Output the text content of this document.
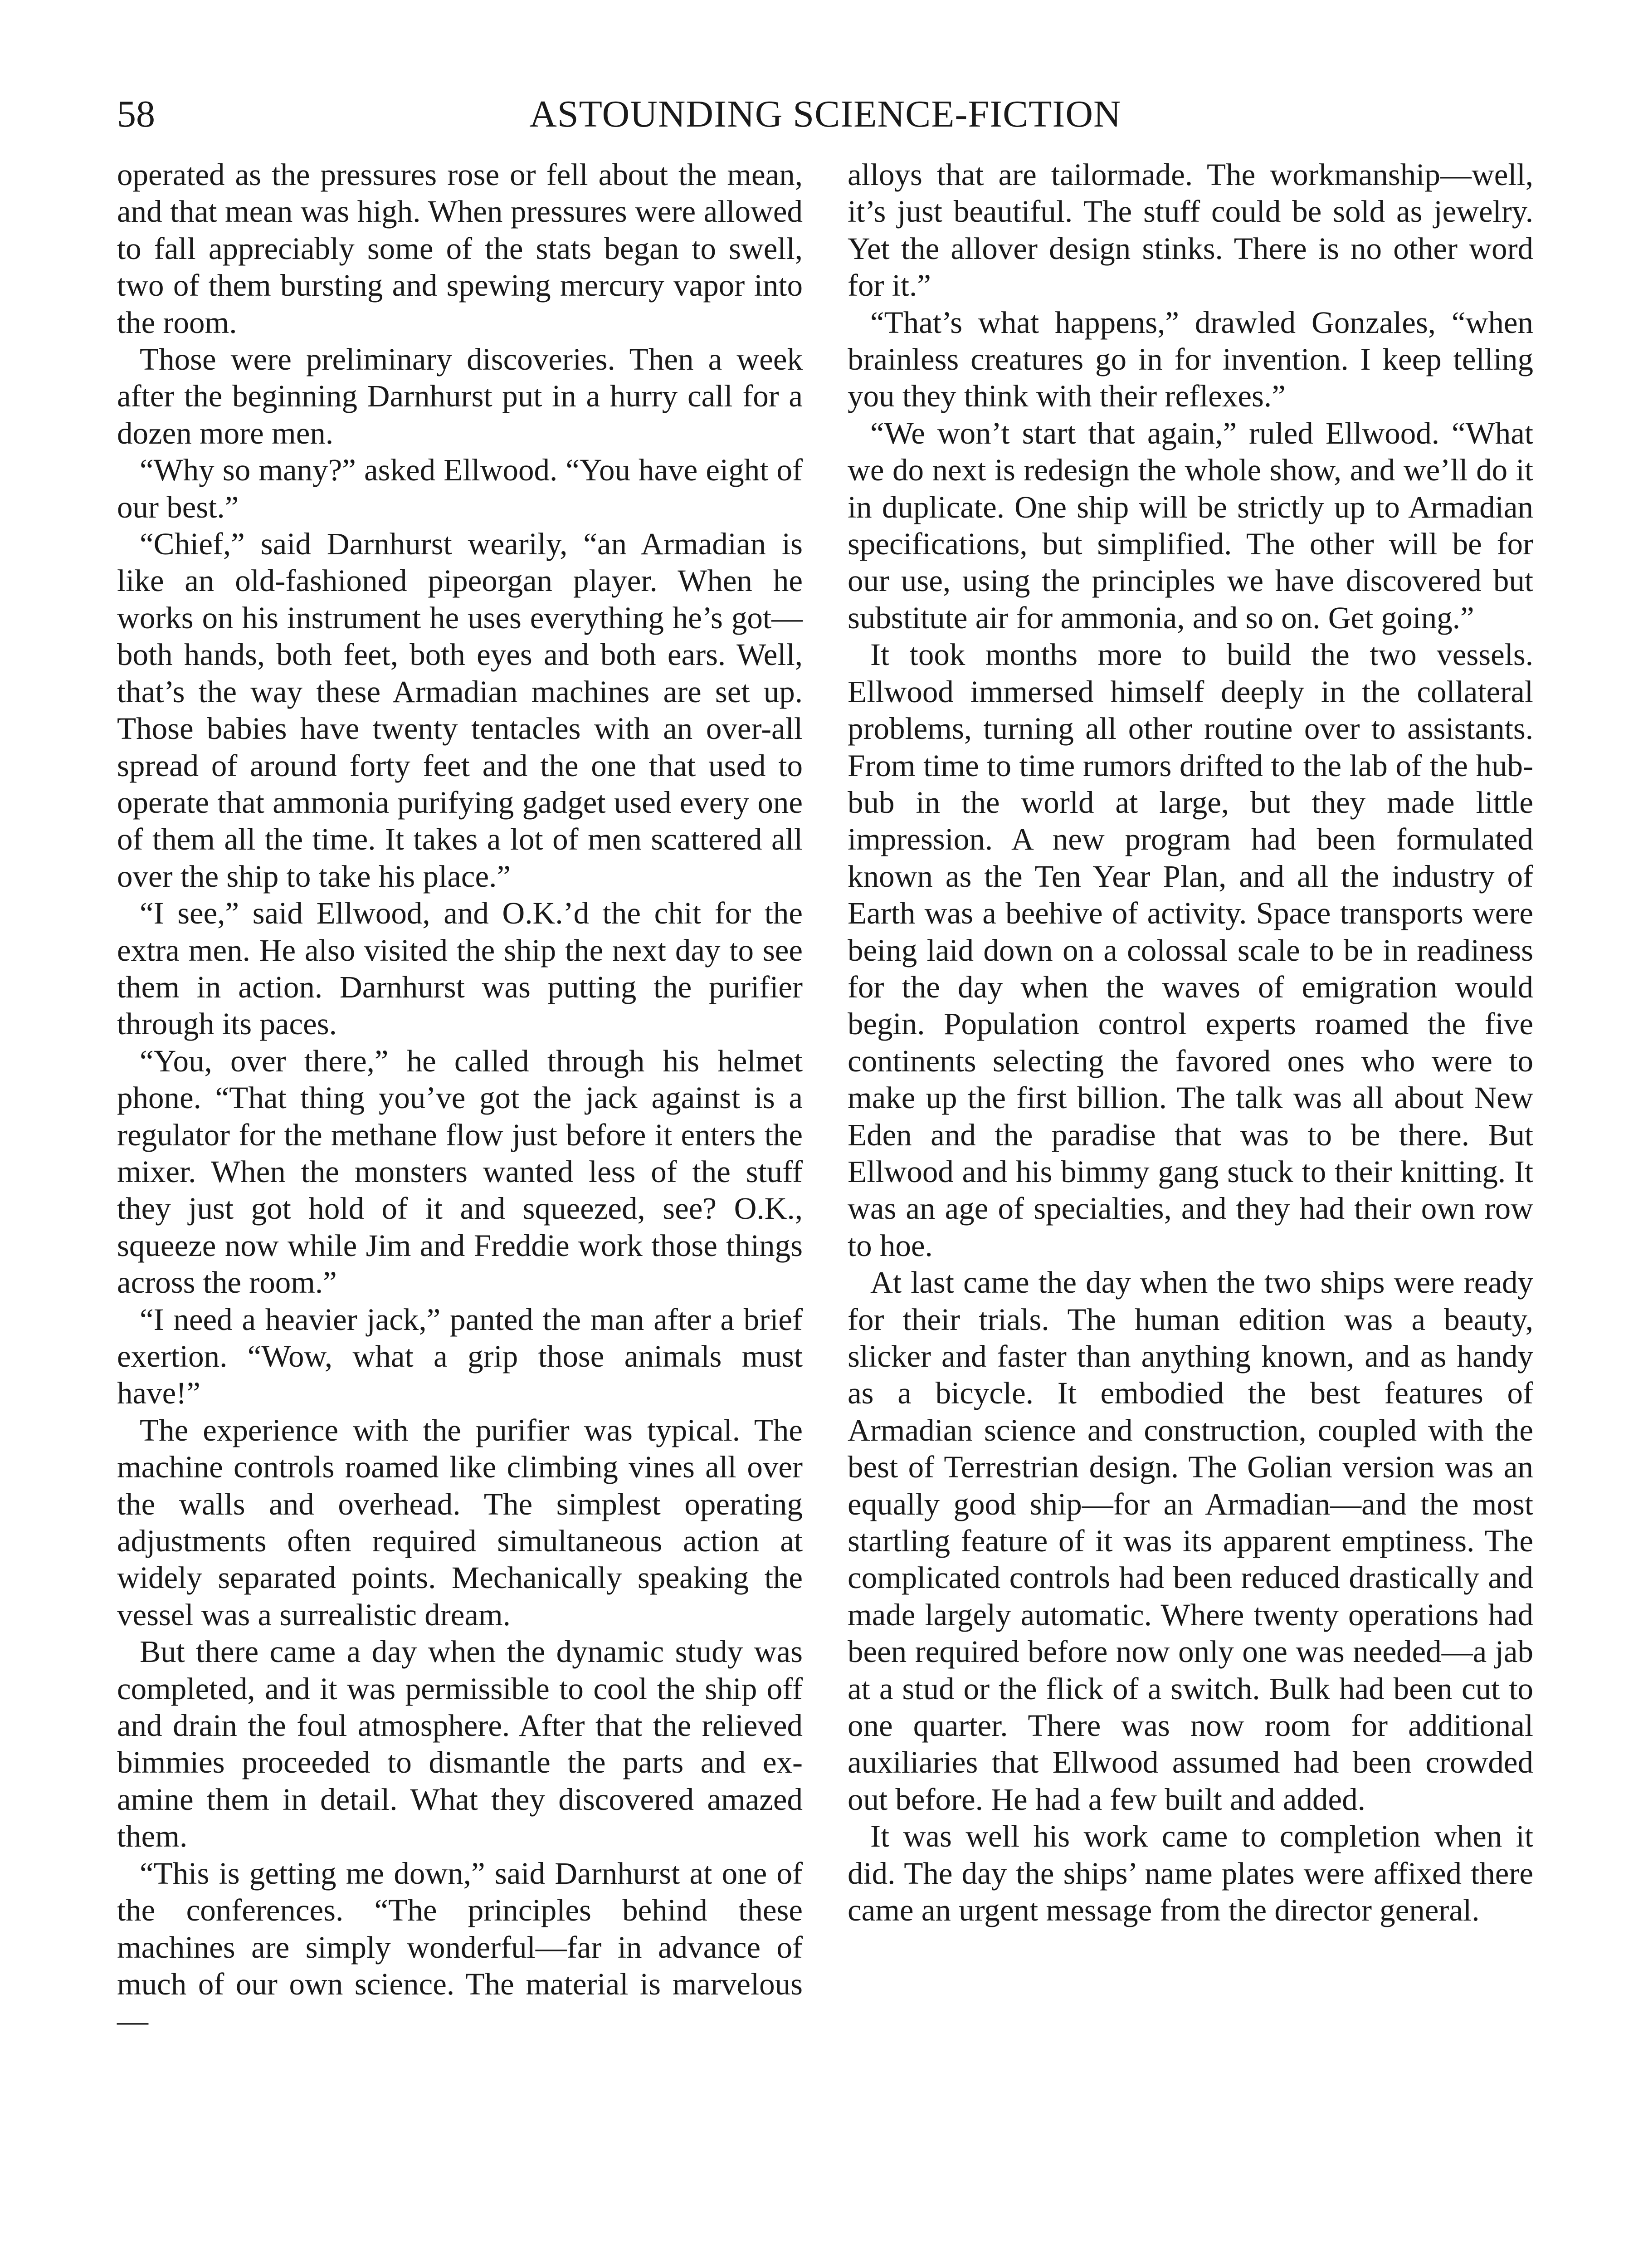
58	ASTOUNDING SCIENCE-FICTION

operated as the pressures rose or fell about the mean, and that mean was high. When pressures were allowed to fall appreciably some of the stats began to swell, two of them bursting and spewing mercury vapor into the room.

Those were preliminary discoveries. Then a week after the beginning Darnhurst put in a hurry call for a dozen more men.

“Why so many?” asked Ellwood. “You have eight of our best.”

“Chief,” said Darnhurst wearily, “an Armadian is like an old-fashioned pipeorgan player. When he works on his instrument he uses everything he’s got—both hands, both feet, both eyes and both ears. Well, that’s the way these Armadian machines are set up. Those babies have twenty tentacles with an over-all spread of around forty feet and the one that used to operate that ammonia purifying gadget used every one of them all the time. It takes a lot of men scattered all over the ship to take his place.”

“I see,” said Ellwood, and O.K.’d the chit for the extra men. He also visited the ship the next day to see them in action. Darnhurst was putting the purifier through its paces.

“You, over there,” he called through his helmet phone. “That thing you’ve got the jack against is a regulator for the methane flow just before it enters the mixer. When the monsters wanted less of the stuff they just got hold of it and squeezed, see? O.K., squeeze now while Jim and Freddie work those things across the room.”

“I need a heavier jack,” panted the man after a brief exertion. “Wow, what a grip those animals must have!”

The experience with the purifier was typical. The machine controls roamed like climbing vines all over the walls and overhead. The simplest operating adjustments often required simultaneous action at widely separated points. Mechanically speaking the vessel was a surrealistic dream.

But there came a day when the dynamic study was completed, and it was permissible to cool the ship off and drain the foul atmosphere. After that the relieved bimmies proceeded to dismantle the parts and examine them in detail. What they discovered amazed them.

“This is getting me down,” said Darnhurst at one of the conferences. “The principles behind these machines are simply wonderful—far in advance of much of our own science. The material is marvelous—

alloys that are tailormade. The workmanship—well, it’s just beautiful. The stuff could be sold as jewelry. Yet the allover design stinks. There is no other word for it.”

“That’s what happens,” drawled Gonzales, “when brainless creatures go in for invention. I keep telling you they think with their reflexes.”

“We won’t start that again,” ruled Ellwood. “What we do next is redesign the whole show, and we’ll do it in duplicate. One ship will be strictly up to Armadian specifications, but simplified. The other will be for our use, using the principles we have discovered but substitute air for ammonia, and so on. Get going.”

It took months more to build the two vessels. Ellwood immersed himself deeply in the collateral problems, turning all other routine over to assistants. From time to time rumors drifted to the lab of the hubbub in the world at large, but they made little impression. A new program had been formulated known as the Ten Year Plan, and all the industry of Earth was a beehive of activity. Space transports were being laid down on a colossal scale to be in readiness for the day when the waves of emigration would begin. Population control experts roamed the five continents selecting the favored ones who were to make up the first billion. The talk was all about New Eden and the paradise that was to be there. But Ellwood and his bimmy gang stuck to their knitting. It was an age of specialties, and they had their own row to hoe.

At last came the day when the two ships were ready for their trials. The human edition was a beauty, slicker and faster than anything known, and as handy as a bicycle. It embodied the best features of Armadian science and construction, coupled with the best of Terrestrian design. The Golian version was an equally good ship—for an Armadian—and the most startling feature of it was its apparent emptiness. The complicated controls had been reduced drastically and made largely automatic. Where twenty operations had been required before now only one was needed—a jab at a stud or the flick of a switch. Bulk had been cut to one quarter. There was now room for additional auxiliaries that Ellwood assumed had been crowded out before. He had a few built and added.

It was well his work came to completion when it did. The day the ships’ name plates were affixed there came an urgent message from the director general.
